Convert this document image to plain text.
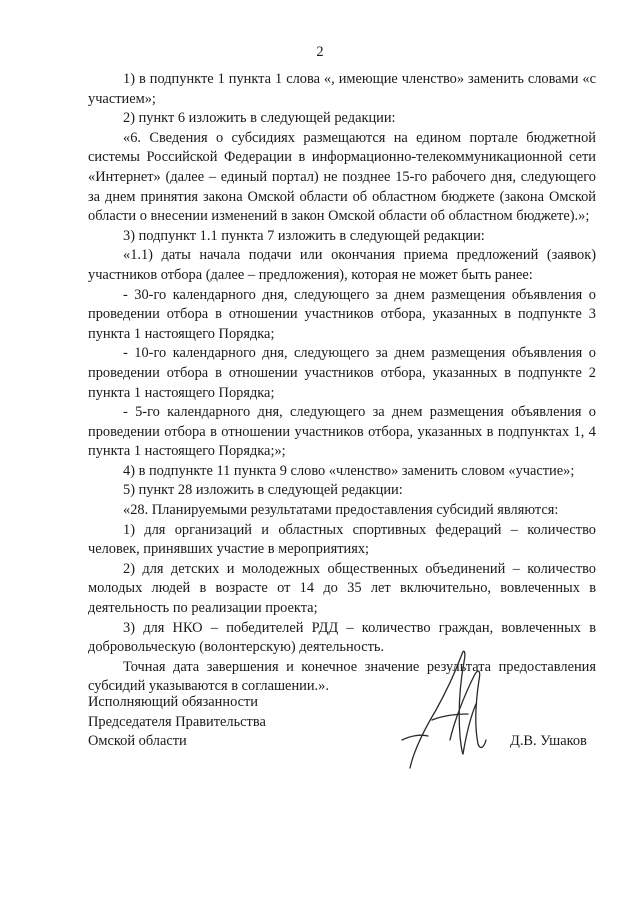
2

1) в подпункте 1 пункта 1 слова «, имеющие членство» заменить словами «с участием»;

2) пункт 6 изложить в следующей редакции:

«6. Сведения о субсидиях размещаются на едином портале бюджетной системы Российской Федерации в информационно-телекоммуникационной сети «Интернет» (далее – единый портал) не позднее 15-го рабочего дня, следующего за днем принятия закона Омской области об областном бюджете (закона Омской области о внесении изменений в закон Омской области об областном бюджете).»;

3) подпункт 1.1 пункта 7 изложить в следующей редакции:

«1.1) даты начала подачи или окончания приема предложений (заявок) участников отбора (далее – предложения), которая не может быть ранее:

- 30-го календарного дня, следующего за днем размещения объявления о проведении отбора в отношении участников отбора, указанных в подпункте 3 пункта 1 настоящего Порядка;

- 10-го календарного дня, следующего за днем размещения объявления о проведении отбора в отношении участников отбора, указанных в подпункте 2 пункта 1 настоящего Порядка;

- 5-го календарного дня, следующего за днем размещения объявления о проведении отбора в отношении участников отбора, указанных в подпунктах 1, 4 пункта 1 настоящего Порядка;»;

4) в подпункте 11 пункта 9 слово «членство» заменить словом «участие»;

5) пункт 28 изложить в следующей редакции:

«28. Планируемыми результатами предоставления субсидий являются:

1) для организаций и областных спортивных федераций – количество человек, принявших участие в мероприятиях;

2) для детских и молодежных общественных объединений – количество молодых людей в возрасте от 14 до 35 лет включительно, вовлеченных в деятельность по реализации проекта;

3) для НКО – победителей РДД – количество граждан, вовлеченных в добровольческую (волонтерскую) деятельность.

Точная дата завершения и конечное значение результата предоставления субсидий указываются в соглашении.».

Исполняющий обязанности
Председателя Правительства
Омской области	Д.В. Ушаков
